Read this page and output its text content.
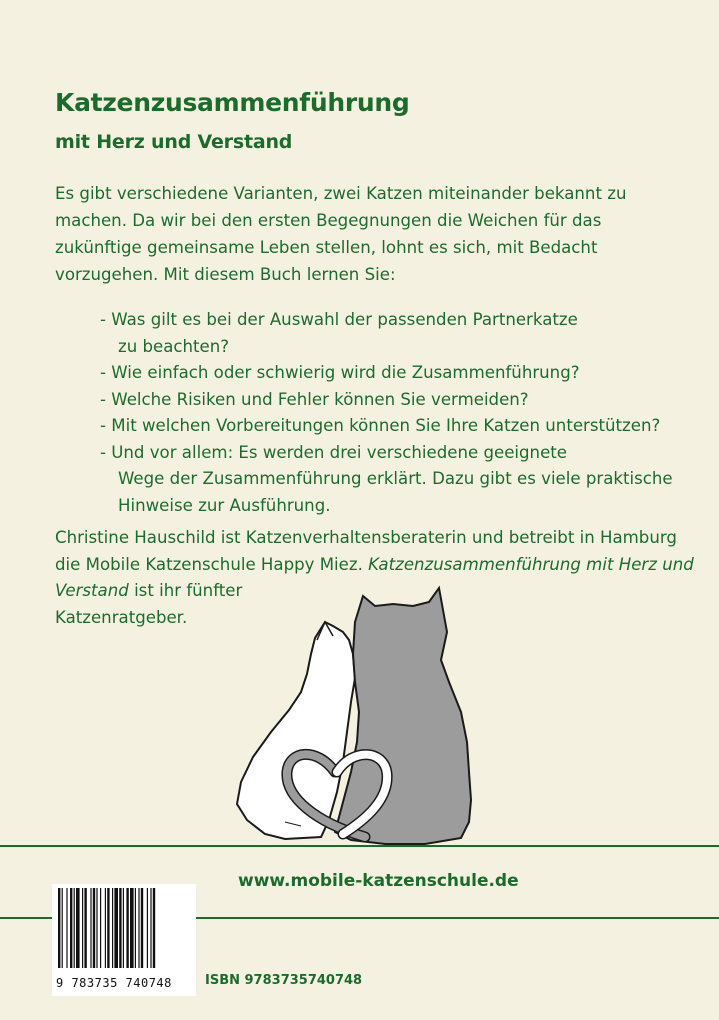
Katzenzusammenführung
mit Herz und Verstand

Es gibt verschiedene Varianten, zwei Katzen miteinander bekannt zu machen. Da wir bei den ersten Begegnungen die Weichen für das zukünftige gemeinsame Leben stellen, lohnt es sich, mit Bedacht vorzugehen. Mit diesem Buch lernen Sie:

- Was gilt es bei der Auswahl der passenden Partnerkatze
zu beachten?
- Wie einfach oder schwierig wird die Zusammenführung?
- Welche Risiken und Fehler können Sie vermeiden?
- Mit welchen Vorbereitungen können Sie Ihre Katzen unterstützen?
- Und vor allem: Es werden drei verschiedene geeignete
Wege der Zusammenführung erklärt. Dazu gibt es viele praktische
Hinweise zur Ausführung.

Christine Hauschild ist Katzenverhaltensberaterin und betreibt in Hamburg die Mobile Katzenschule Happy Miez. Katzenzusammenführung mit Herz und Verstand ist ihr fünfter
Katzenratgeber.

www.mobile-katzenschule.de
9 783735 740748	ISBN 9783735740748
